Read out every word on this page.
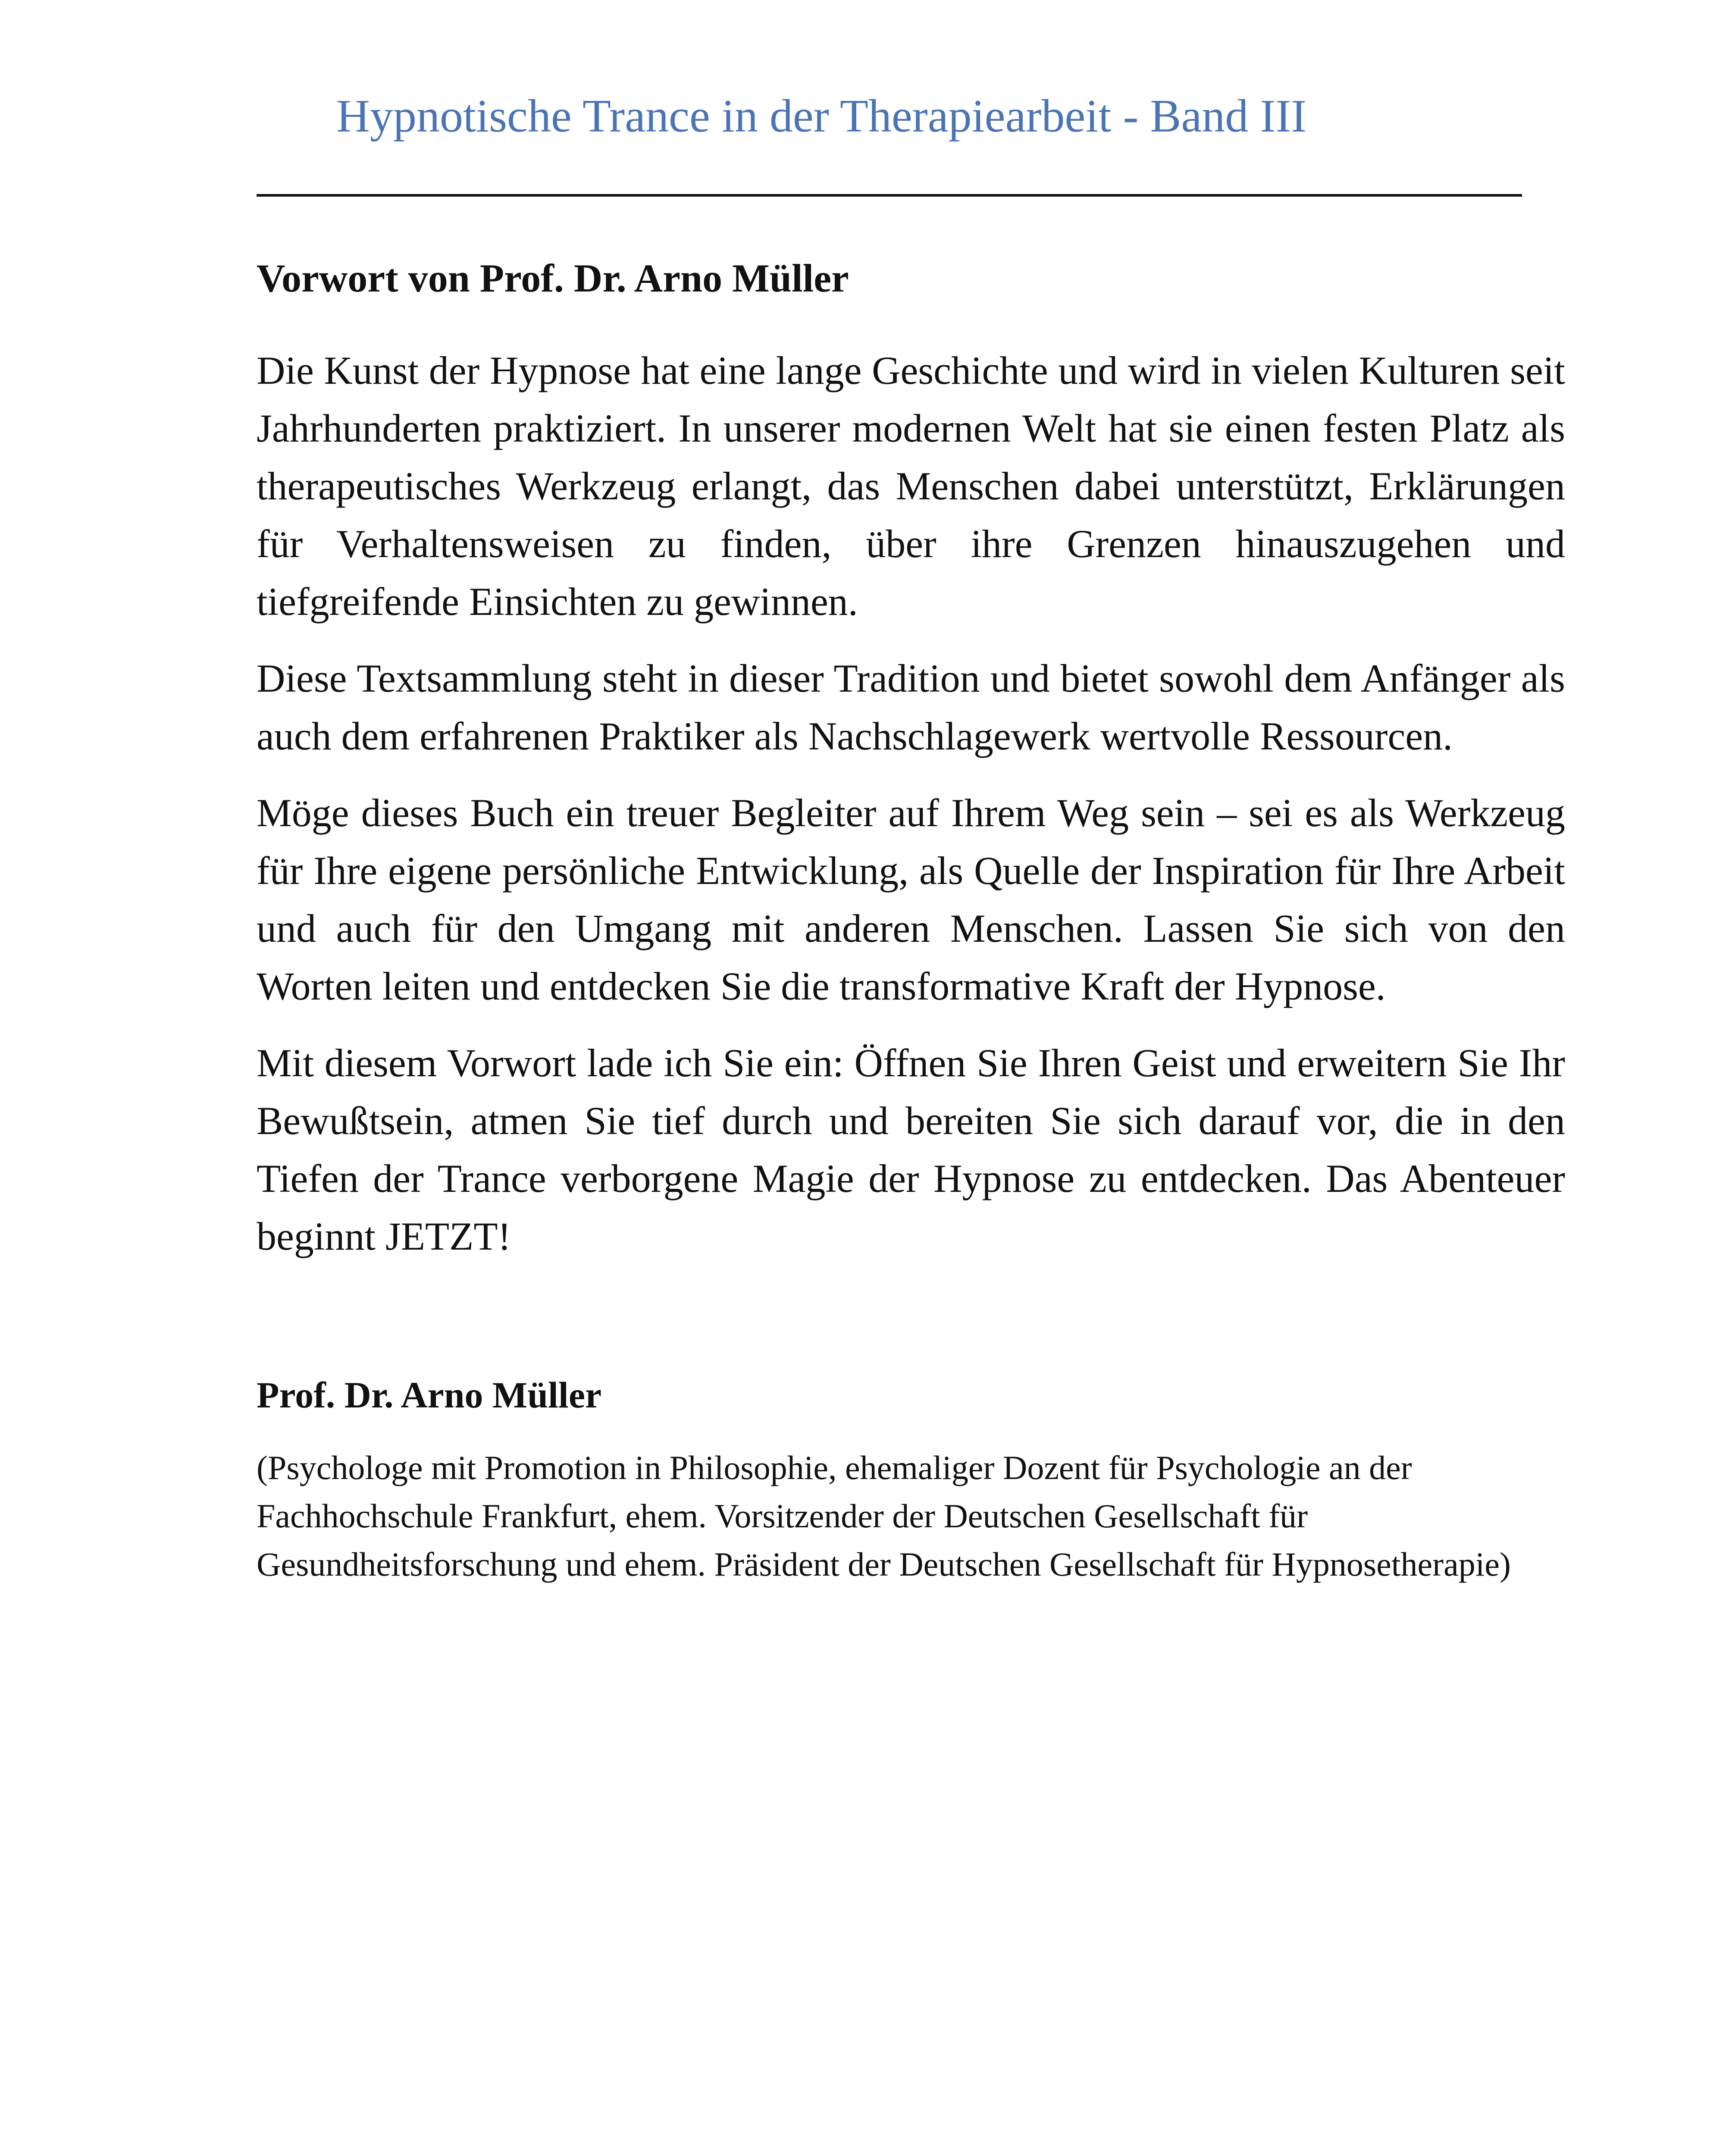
Hypnotische Trance in der Therapiearbeit - Band III
Vorwort von Prof. Dr. Arno Müller

Die Kunst der Hypnose hat eine lange Geschichte und wird in vielen Kulturen seit Jahrhunderten praktiziert. In unserer modernen Welt hat sie einen festen Platz als therapeutisches Werkzeug erlangt, das Menschen dabei unterstützt, Erklärungen für Verhaltensweisen zu finden, über ihre Grenzen hinauszugehen und tiefgreifende Einsichten zu gewinnen.

Diese Textsammlung steht in dieser Tradition und bietet sowohl dem Anfänger als auch dem erfahrenen Praktiker als Nachschlagewerk wertvolle Ressourcen.

Möge dieses Buch ein treuer Begleiter auf Ihrem Weg sein – sei es als Werkzeug für Ihre eigene persönliche Entwicklung, als Quelle der Inspiration für Ihre Arbeit und auch für den Umgang mit anderen Menschen. Lassen Sie sich von den Worten leiten und entdecken Sie die transformative Kraft der Hypnose.

Mit diesem Vorwort lade ich Sie ein: Öffnen Sie Ihren Geist und erweitern Sie Ihr Bewußtsein, atmen Sie tief durch und bereiten Sie sich darauf vor, die in den Tiefen der Trance verborgene Magie der Hypnose zu entdecken. Das Abenteuer beginnt JETZT!

Prof. Dr. Arno Müller

(Psychologe mit Promotion in Philosophie, ehemaliger Dozent für Psychologie an der Fachhochschule Frankfurt, ehem. Vorsitzender der Deutschen Gesellschaft für Gesundheitsforschung und ehem. Präsident der Deutschen Gesellschaft für Hypnosetherapie)
